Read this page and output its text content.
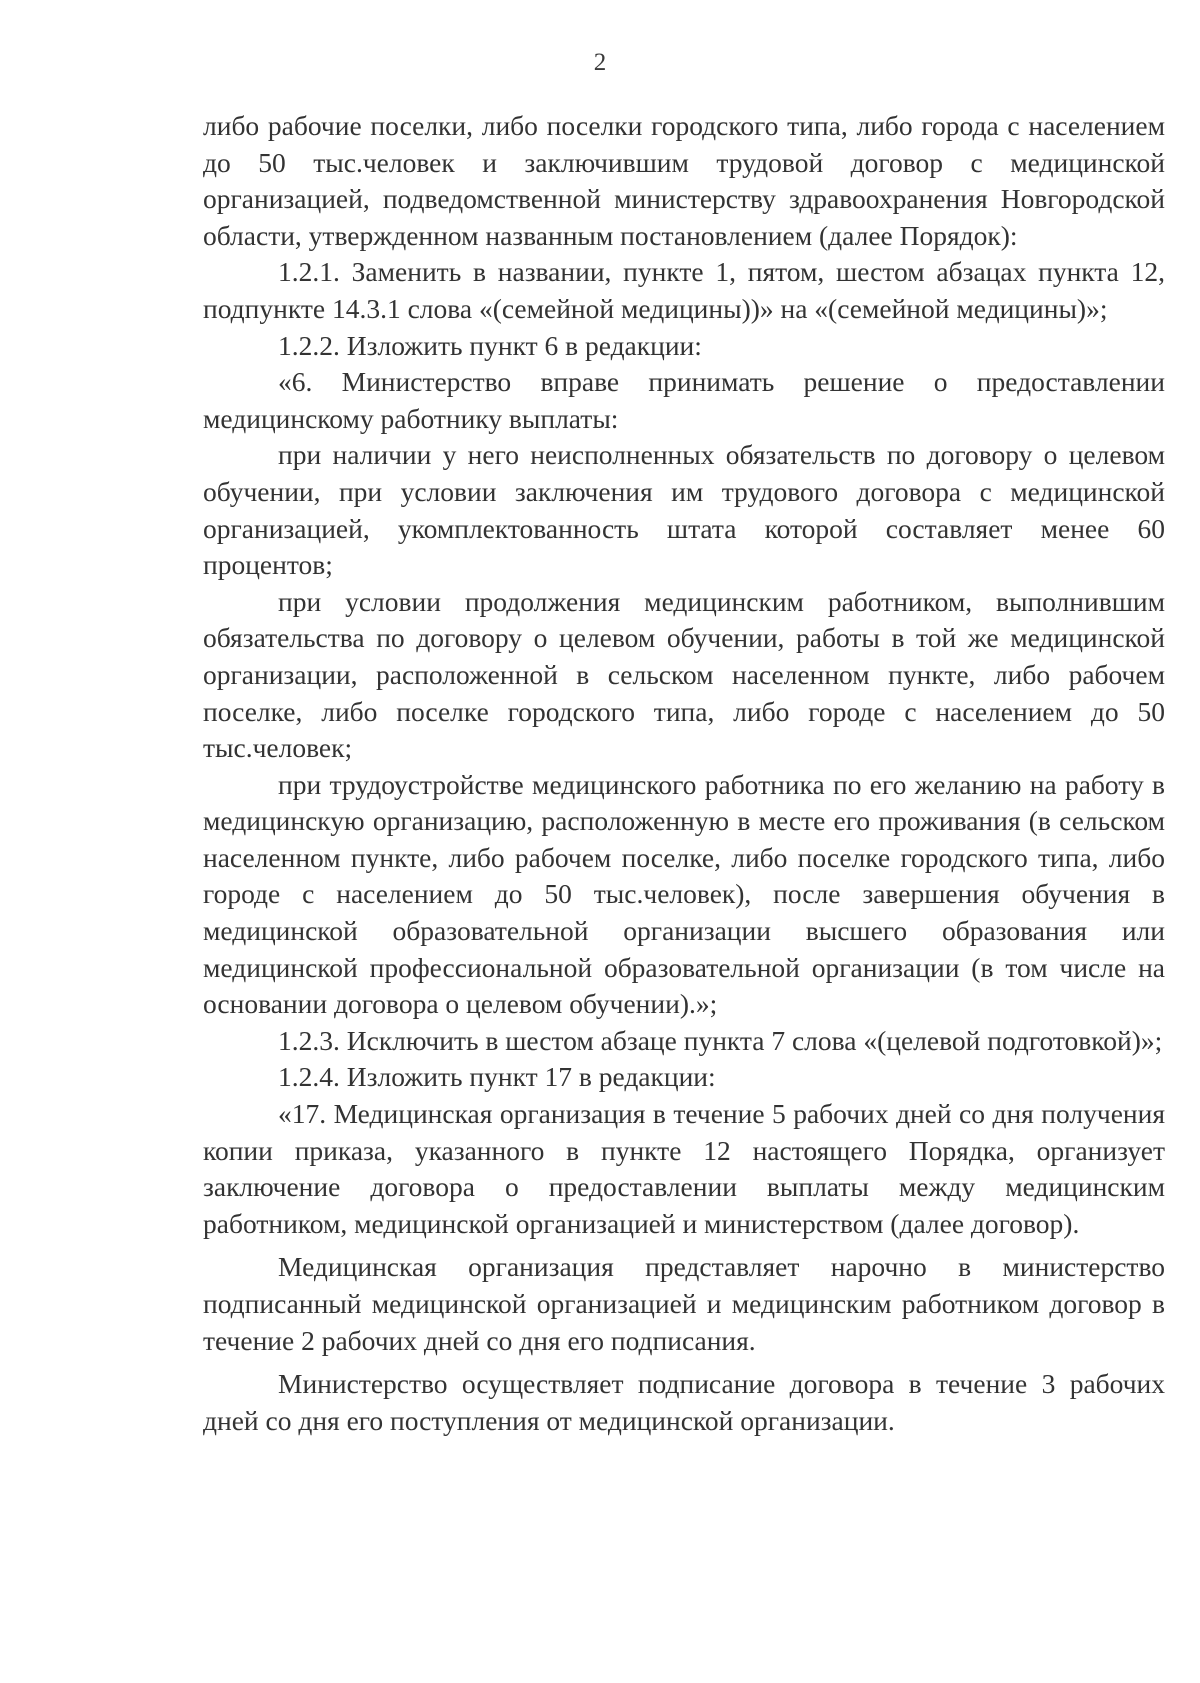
2

либо рабочие поселки, либо поселки городского типа, либо города с населением до 50 тыс.человек и заключившим трудовой договор с медицинской организацией, подведомственной министерству здравоохранения Новгородской области, утвержденном названным постановлением (далее Порядок):

1.2.1. Заменить в названии, пункте 1, пятом, шестом абзацах пункта 12, подпункте 14.3.1 слова «(семейной медицины))» на «(семейной медицины)»;

1.2.2. Изложить пункт 6 в редакции:

«6. Министерство вправе принимать решение о предоставлении медицинскому работнику выплаты:

при наличии у него неисполненных обязательств по договору о целевом обучении, при условии заключения им трудового договора с медицинской организацией, укомплектованность штата которой составляет менее 60 процентов;

при условии продолжения медицинским работником, выполнившим обязательства по договору о целевом обучении, работы в той же медицинской организации, расположенной в сельском населенном пункте, либо рабочем поселке, либо поселке городского типа, либо городе с населением до 50 тыс.человек;

при трудоустройстве медицинского работника по его желанию на работу в медицинскую организацию, расположенную в месте его проживания (в сельском населенном пункте, либо рабочем поселке, либо поселке городского типа, либо городе с населением до 50 тыс.человек), после завершения обучения в медицинской образовательной организации высшего образования или медицинской профессиональной образовательной организации (в том числе на основании договора о целевом обучении).»;

1.2.3. Исключить в шестом абзаце пункта 7 слова «(целевой подготовкой)»;

1.2.4. Изложить пункт 17 в редакции:

«17. Медицинская организация в течение 5 рабочих дней со дня получения копии приказа, указанного в пункте 12 настоящего Порядка, организует заключение договора о предоставлении выплаты между медицинским работником, медицинской организацией и министерством (далее договор).

Медицинская организация представляет нарочно в министерство подписанный медицинской организацией и медицинским работником договор в течение 2 рабочих дней со дня его подписания.

Министерство осуществляет подписание договора в течение 3 рабочих дней со дня его поступления от медицинской организации.
